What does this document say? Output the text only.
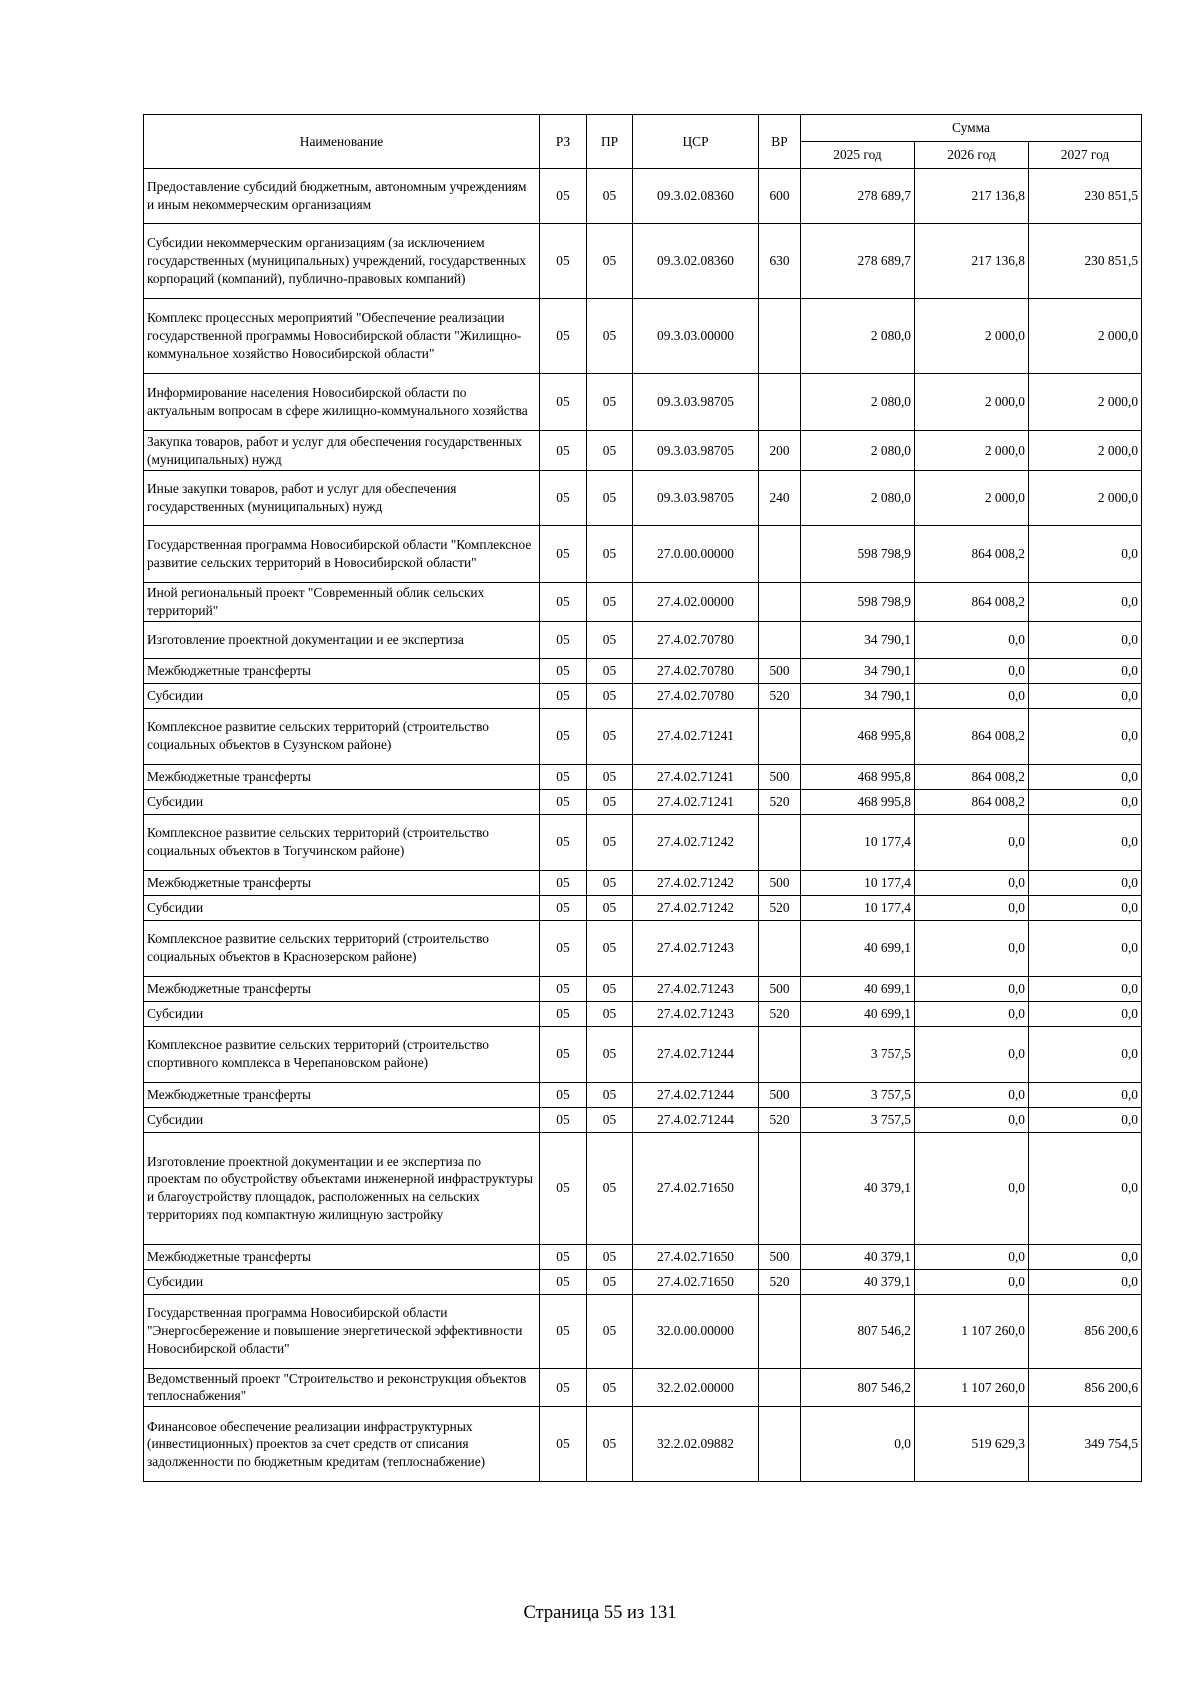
Наименование	РЗ	ПР	ЦСР	ВР	Сумма		
					2025 год	2026 год	2027 год
Предоставление субсидий бюджетным, автономным учреждениям и иным некоммерческим организациям	05	05	09.3.02.08360	600	278 689,7	217 136,8	230 851,5
Субсидии некоммерческим организациям (за исключением государственных (муниципальных) учреждений, государственных корпораций (компаний), публично-правовых компаний)	05	05	09.3.02.08360	630	278 689,7	217 136,8	230 851,5
Комплекс процессных мероприятий "Обеспечение реализации государственной программы Новосибирской области "Жилищно-коммунальное хозяйство Новосибирской области"	05	05	09.3.03.00000		2 080,0	2 000,0	2 000,0
Информирование населения Новосибирской области по актуальным вопросам в сфере жилищно-коммунального хозяйства	05	05	09.3.03.98705		2 080,0	2 000,0	2 000,0
Закупка товаров, работ и услуг для обеспечения государственных (муниципальных) нужд	05	05	09.3.03.98705	200	2 080,0	2 000,0	2 000,0
Иные закупки товаров, работ и услуг для обеспечения государственных (муниципальных) нужд	05	05	09.3.03.98705	240	2 080,0	2 000,0	2 000,0
Государственная программа Новосибирской области "Комплексное развитие сельских территорий в Новосибирской области"	05	05	27.0.00.00000		598 798,9	864 008,2	0,0
Иной региональный проект "Современный облик сельских территорий"	05	05	27.4.02.00000		598 798,9	864 008,2	0,0
Изготовление проектной документации и ее экспертиза	05	05	27.4.02.70780		34 790,1	0,0	0,0
Межбюджетные трансферты	05	05	27.4.02.70780	500	34 790,1	0,0	0,0
Субсидии	05	05	27.4.02.70780	520	34 790,1	0,0	0,0
Комплексное развитие сельских территорий (строительство социальных объектов в Сузунском районе)	05	05	27.4.02.71241		468 995,8	864 008,2	0,0
Межбюджетные трансферты	05	05	27.4.02.71241	500	468 995,8	864 008,2	0,0
Субсидии	05	05	27.4.02.71241	520	468 995,8	864 008,2	0,0
Комплексное развитие сельских территорий (строительство социальных объектов в Тогучинском районе)	05	05	27.4.02.71242		10 177,4	0,0	0,0
Межбюджетные трансферты	05	05	27.4.02.71242	500	10 177,4	0,0	0,0
Субсидии	05	05	27.4.02.71242	520	10 177,4	0,0	0,0
Комплексное развитие сельских территорий (строительство социальных объектов в Краснозерском районе)	05	05	27.4.02.71243		40 699,1	0,0	0,0
Межбюджетные трансферты	05	05	27.4.02.71243	500	40 699,1	0,0	0,0
Субсидии	05	05	27.4.02.71243	520	40 699,1	0,0	0,0
Комплексное развитие сельских территорий (строительство спортивного комплекса в Черепановском районе)	05	05	27.4.02.71244		3 757,5	0,0	0,0
Межбюджетные трансферты	05	05	27.4.02.71244	500	3 757,5	0,0	0,0
Субсидии	05	05	27.4.02.71244	520	3 757,5	0,0	0,0
Изготовление проектной документации и ее экспертиза по проектам по обустройству объектами инженерной инфраструктуры и благоустройству площадок, расположенных на сельских территориях под компактную жилищную застройку	05	05	27.4.02.71650		40 379,1	0,0	0,0
Межбюджетные трансферты	05	05	27.4.02.71650	500	40 379,1	0,0	0,0
Субсидии	05	05	27.4.02.71650	520	40 379,1	0,0	0,0
Государственная программа Новосибирской области "Энергосбережение и повышение энергетической эффективности Новосибирской области"	05	05	32.0.00.00000		807 546,2	1 107 260,0	856 200,6
Ведомственный проект "Строительство и реконструкция объектов теплоснабжения"	05	05	32.2.02.00000		807 546,2	1 107 260,0	856 200,6
Финансовое обеспечение реализации инфраструктурных (инвестиционных) проектов за счет средств от списания задолженности по бюджетным кредитам (теплоснабжение)	05	05	32.2.02.09882		0,0	519 629,3	349 754,5
Страница 55 из 131
